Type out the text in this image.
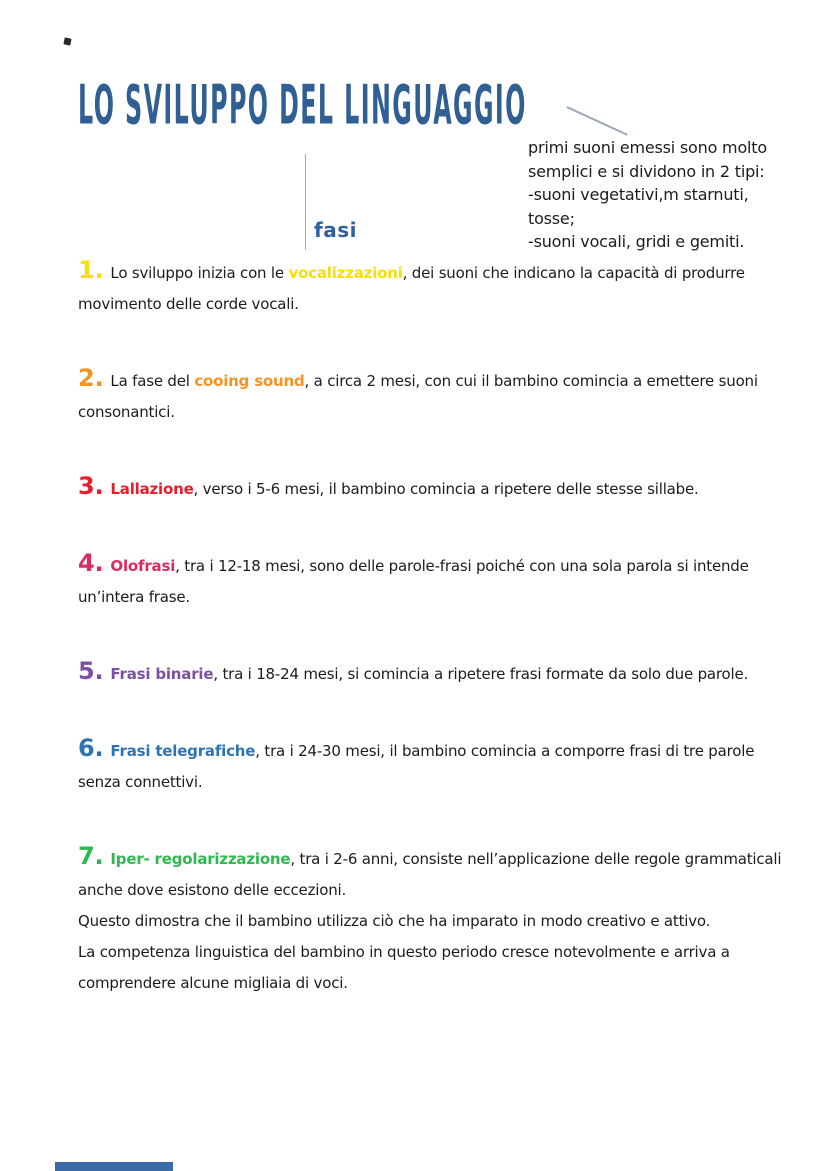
LO SVILUPPO DEL LINGUAGGIO
primi suoni emessi sono molto
semplici e si dividono in 2 tipi:
-suoni vegetativi,m starnuti,
tosse;
-suoni vocali, gridi e gemiti.
fasi
1. Lo sviluppo inizia con le vocalizzazioni, dei suoni che indicano la capacità di produrre movimento delle corde vocali.
2. La fase del cooing sound, a circa 2 mesi, con cui il bambino comincia a emettere suoni consonantici.
3. Lallazione, verso i 5-6 mesi, il bambino comincia a ripetere delle stesse sillabe.
4. Olofrasi, tra i 12-18 mesi, sono delle parole-frasi poiché con una sola parola si intende un’intera frase.
5. Frasi binarie, tra i 18-24 mesi, si comincia a ripetere frasi formate da solo due parole.
6. Frasi telegrafiche, tra i 24-30 mesi, il bambino comincia a comporre frasi di tre parole senza connettivi.
7. Iper- regolarizzazione, tra i 2-6 anni, consiste nell’applicazione delle regole grammaticali anche dove esistono delle eccezioni.
Questo dimostra che il bambino utilizza ciò che ha imparato in modo creativo e attivo.
La competenza linguistica del bambino in questo periodo cresce notevolmente e arriva a comprendere alcune migliaia di voci.
